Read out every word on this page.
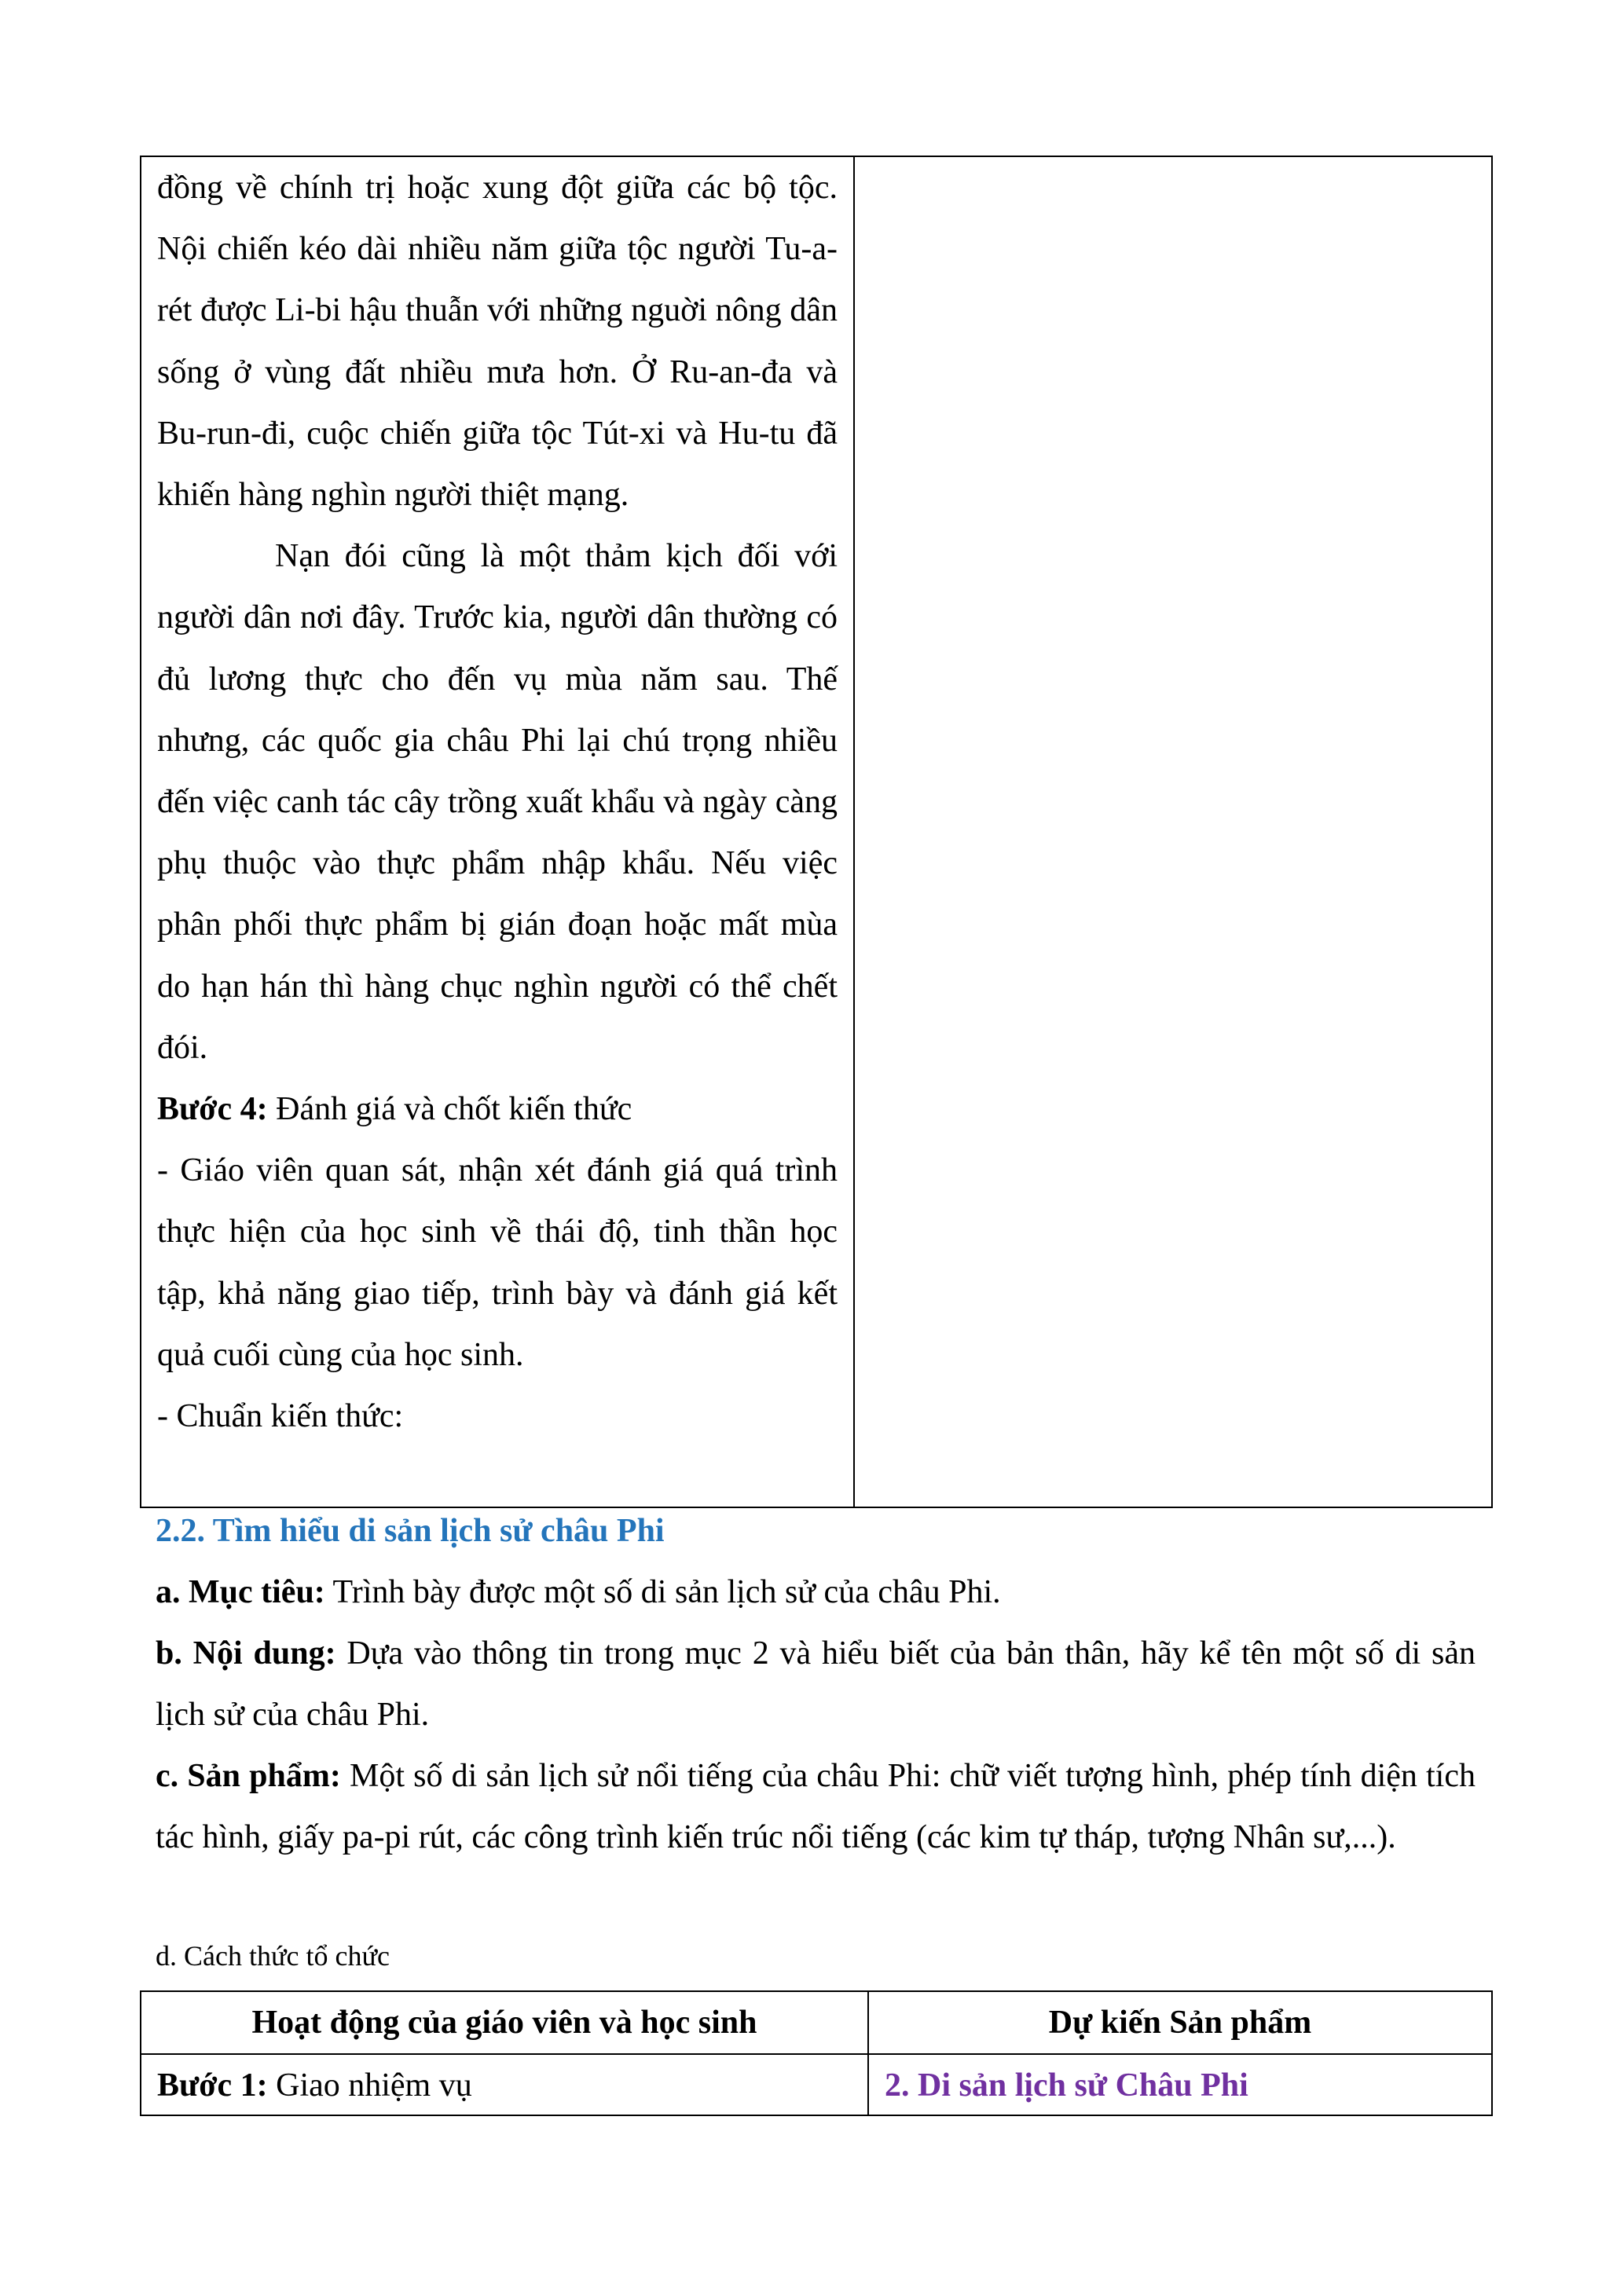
đồng về chính trị hoặc xung đột giữa các bộ tộc. Nội chiến kéo dài nhiều năm giữa tộc người Tu-a-rét được Li-bi hậu thuẫn với những nguời nông dân sống ở vùng đất nhiều mưa hơn. Ở Ru-an-đa và Bu-run-đi, cuộc chiến giữa tộc Tút-xi và Hu-tu đã khiến hàng nghìn người thiệt mạng.

Nạn đói cũng là một thảm kịch đối với người dân nơi đây. Trước kia, người dân thường có đủ lương thực cho đến vụ mùa năm sau. Thế nhưng, các quốc gia châu Phi lại chú trọng nhiều đến việc canh tác cây trồng xuất khẩu và ngày càng phụ thuộc vào thực phẩm nhập khẩu. Nếu việc phân phối thực phẩm bị gián đoạn hoặc mất mùa do hạn hán thì hàng chục nghìn người có thể chết đói.

Bước 4: Đánh giá và chốt kiến thức

- Giáo viên quan sát, nhận xét đánh giá quá trình thực hiện của học sinh về thái độ, tinh thần học tập, khả năng giao tiếp, trình bày và đánh giá kết quả cuối cùng của học sinh.

- Chuẩn kiến thức:

2.2. Tìm hiểu di sản lịch sử châu Phi

a. Mục tiêu: Trình bày được một số di sản lịch sử của châu Phi.

b. Nội dung: Dựa vào thông tin trong mục 2 và hiểu biết của bản thân, hãy kể tên một số di sản lịch sử của châu Phi.

c. Sản phẩm: Một số di sản lịch sử nổi tiếng của châu Phi: chữ viết tượng hình, phép tính diện tích tác hình, giấy pa-pi rút, các công trình kiến trúc nổi tiếng (các kim tự tháp, tượng Nhân sư,...).

d. Cách thức tổ chức
Hoạt động của giáo viên và học sinh	Dự kiến Sản phẩm
Bước 1: Giao nhiệm vụ	2. Di sản lịch sử Châu Phi
